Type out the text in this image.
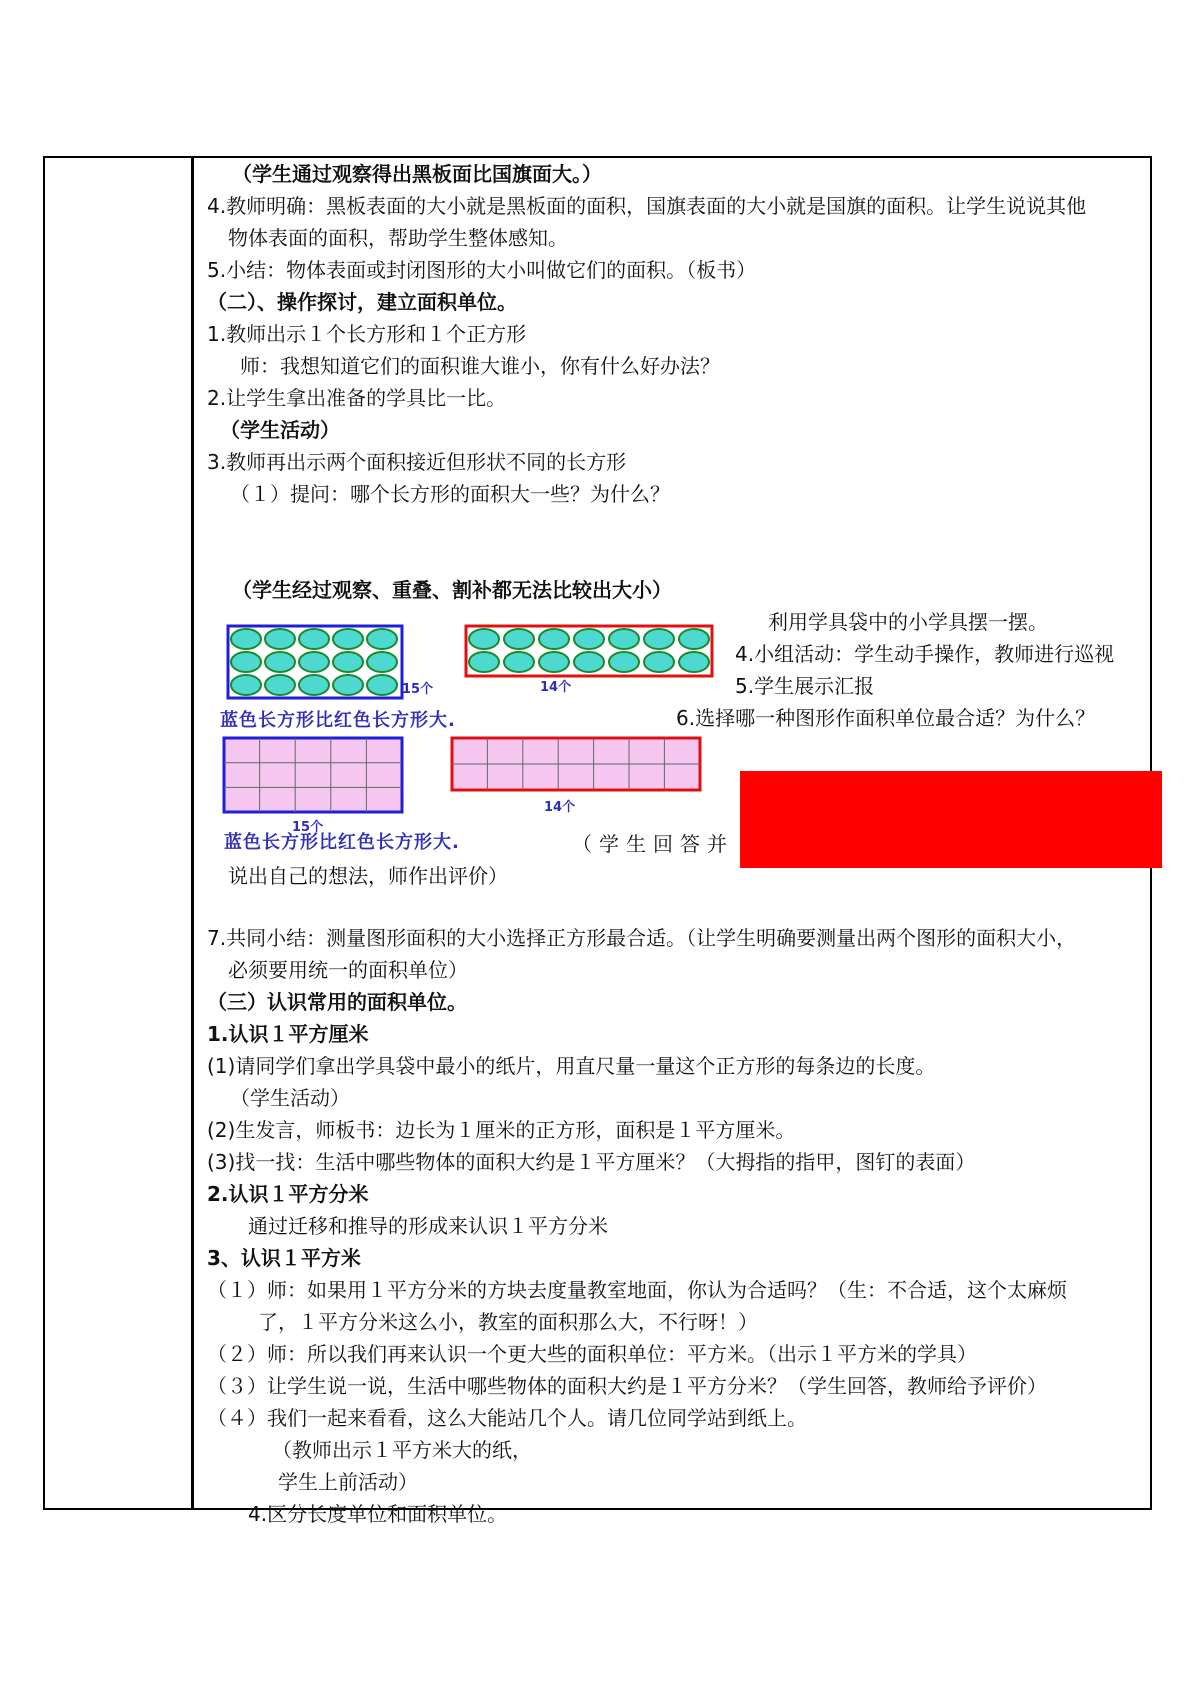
（学生通过观察得出黑板面比国旗面大。）
4.教师明确：黑板表面的大小就是黑板面的面积，国旗表面的大小就是国旗的面积。让学生说说其他
物体表面的面积，帮助学生整体感知。
5.小结：物体表面或封闭图形的大小叫做它们的面积。（板书）
（二）、操作探讨，建立面积单位。
1.教师出示１个长方形和１个正方形
师：我想知道它们的面积谁大谁小，你有什么好办法？
2.让学生拿出准备的学具比一比。
（学生活动）
3.教师再出示两个面积接近但形状不同的长方形
（１）提问：哪个长方形的面积大一些？为什么？
（学生经过观察、重叠、割补都无法比较出大小）
利用学具袋中的小学具摆一摆。
4.小组活动：学生动手操作，教师进行巡视
5.学生展示汇报
6.选择哪一种图形作面积单位最合适？为什么？
（学生回答并
说出自己的想法，师作出评价）
7.共同小结：测量图形面积的大小选择正方形最合适。（让学生明确要测量出两个图形的面积大小，
必须要用统一的面积单位）
（三）认识常用的面积单位。
1.认识１平方厘米
(1)请同学们拿出学具袋中最小的纸片，用直尺量一量这个正方形的每条边的长度。
（学生活动）
(2)生发言，师板书：边长为１厘米的正方形，面积是１平方厘米。
(3)找一找：生活中哪些物体的面积大约是１平方厘米？（大拇指的指甲，图钉的表面）
2.认识１平方分米
通过迁移和推导的形成来认识１平方分米
3、认识１平方米
（１）师：如果用１平方分米的方块去度量教室地面，你认为合适吗？（生：不合适，这个太麻烦
了，１平方分米这么小，教室的面积那么大，不行呀！）
（２）师：所以我们再来认识一个更大些的面积单位：平方米。（出示１平方米的学具）
（３）让学生说一说，生活中哪些物体的面积大约是１平方分米？（学生回答，教师给予评价）
（４）我们一起来看看，这么大能站几个人。请几位同学站到纸上。
（教师出示１平方米大的纸，
学生上前活动）
4.区分长度单位和面积单位。
15个	14个
蓝色长方形比红色长方形大.
15个
14个
蓝色长方形比红色长方形大.
